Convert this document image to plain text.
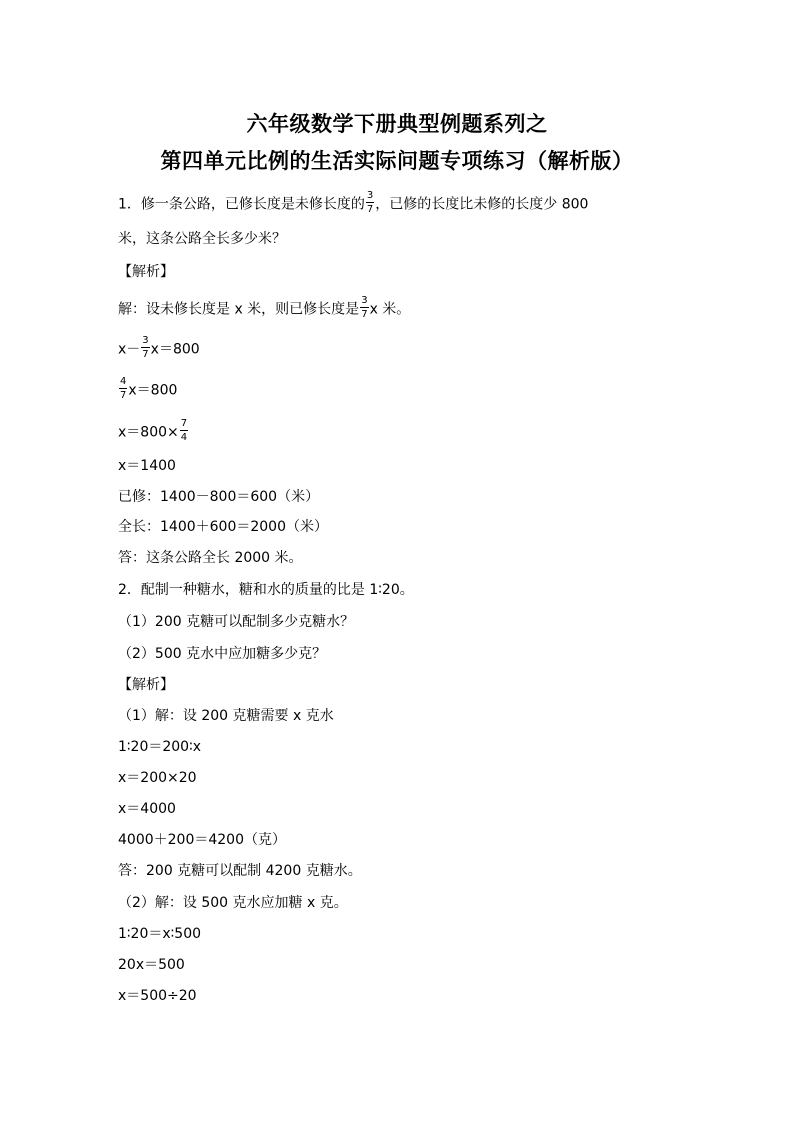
六年级数学下册典型例题系列之
第四单元比例的生活实际问题专项练习（解析版）
1．修一条公路，已修长度是未修长度的 $\frac{3}{7}$ ，已修的长度比未修的长度少 800
米，这条公路全长多少米？
【解析】
解：设未修长度是 x 米，则已修长度是 $\frac{3}{7}$ x 米。
$x- \frac{3}{7} x=800$
$\frac{4}{7} x=800$
$x=800\times \frac{7}{4}$
x＝1400
已修：1400－800＝600（米）
全长：1400＋600＝2000（米）
答：这条公路全长 2000 米。
2．配制一种糖水，糖和水的质量的比是 1∶20。
（1）200 克糖可以配制多少克糖水？
（2）500 克水中应加糖多少克？
【解析】
（1）解：设 200 克糖需要 x 克水
1∶20＝200∶x
x＝200×20
x＝4000
4000＋200＝4200（克）
答：200 克糖可以配制 4200 克糖水。
（2）解：设 500 克水应加糖 x 克。
1∶20＝x∶500
20x＝500
x＝500÷20
